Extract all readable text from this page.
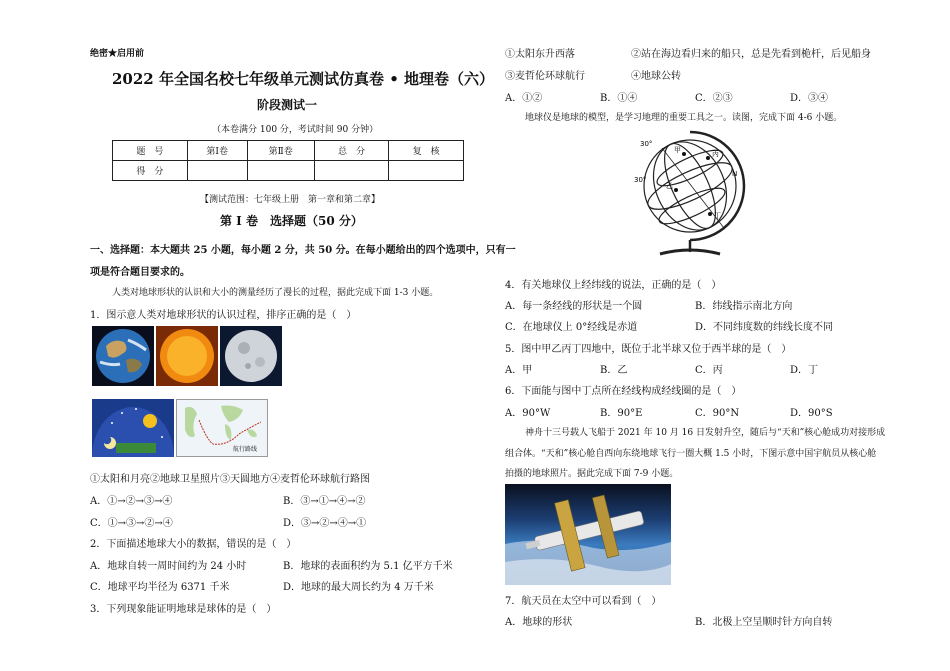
绝密★启用前
2022 年全国名校七年级单元测试仿真卷 • 地理卷（六）
阶段测试一
（本卷满分 100 分，考试时间 90 分钟）
题　号	第Ⅰ卷	第Ⅱ卷	总　分	复　核
得　分				
【测试范围：七年级上册　第一章和第二章】
第 Ⅰ 卷　选择题（50 分）
一、选择题：本大题共 25 小题，每小题 2 分，共 50 分。在每小题给出的四个选项中，只有一
项是符合题目要求的。
人类对地球形状的认识和大小的测量经历了漫长的过程，据此完成下面 1-3 小题。
1．图示意人类对地球形状的认识过程，排序正确的是（　）
航行路线
①太阳和月亮②地球卫星照片③天圆地方④麦哲伦环球航行路图
A．①→②→③→④	B．③→①→④→②
C．①→③→②→④	D．③→②→④→①
2．下面描述地球大小的数据，错误的是（　）
A．地球自转一周时间约为 24 小时	B．地球的表面积约为 5.1 亿平方千米
C．地球平均半径为 6371 千米	D．地球的最大周长约为 4 万千米
3．下列现象能证明地球是球体的是（　）
①太阳东升西落	②站在海边看归来的船只，总是先看到桅杆，后见船身
③麦哲伦环球航行	④地球公转
A．①②	B．①④	C．②③	D．③④
地球仪是地球的模型，是学习地理的重要工具之一。读图，完成下面 4-6 小题。
30°
30°
甲
乙
丙
丁
N
4．有关地球仪上经纬线的说法，正确的是（　）
A．每一条经线的形状是一个圆	B．纬线指示南北方向
C．在地球仪上 0°经线是赤道	D．不同纬度数的纬线长度不同
5．图中甲乙丙丁四地中，既位于北半球又位于西半球的是（　）
A．甲	B．乙	C．丙	D．丁
6．下面能与图中丁点所在经线构成经线圈的是（　）
A．90°W	B．90°E	C．90°N	D．90°S
神舟十三号载人飞船于 2021 年 10 月 16 日发射升空，随后与“天和”核心舱成功对接形成
组合体。“天和”核心舱自西向东绕地球飞行一圈大概 1.5 小时，下图示意中国宇航员从核心舱
拍摄的地球照片。据此完成下面 7-9 小题。
7．航天员在太空中可以看到（　）
A．地球的形状	B．北极上空呈顺时针方向自转
